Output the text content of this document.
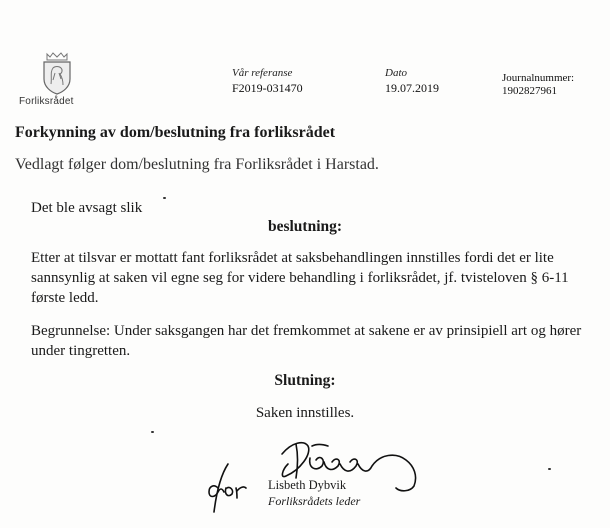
Forliksrådet
Vår referanse
F2019-031470
Dato
19.07.2019
Journalnummer:
1902827961
Forkynning av dom/beslutning fra forliksrådet
Vedlagt følger dom/beslutning fra Forliksrådet i Harstad.
Det ble avsagt slik
beslutning:
Etter at tilsvar er mottatt fant forliksrådet at saksbehandlingen innstilles fordi det er lite sannsynlig at saken vil egne seg for videre behandling i forliksrådet, jf. tvisteloven § 6-11 første ledd.
Begrunnelse: Under saksgangen har det fremkommet at sakene er av prinsipiell art og hører under tingretten.
Slutning:
Saken innstilles.
Lisbeth Dybvik
Forliksrådets leder
